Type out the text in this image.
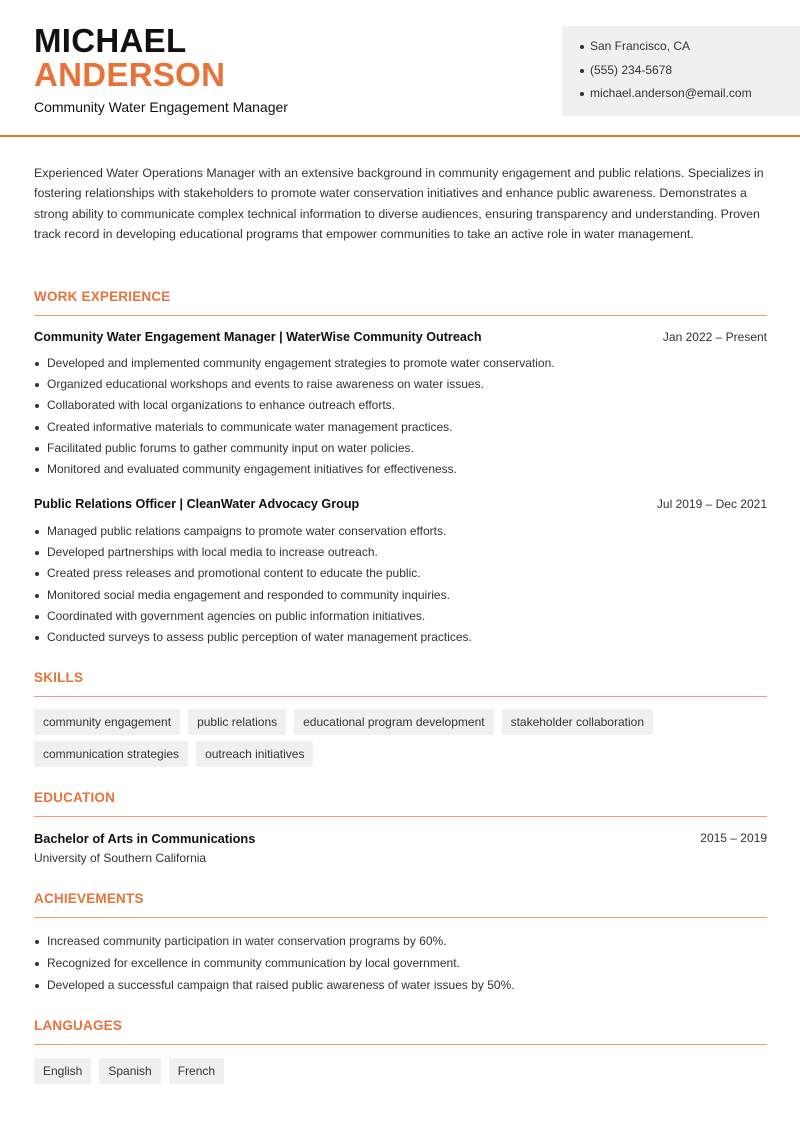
MICHAEL
ANDERSON
Community Water Engagement Manager
San Francisco, CA
(555) 234-5678
michael.anderson@email.com

Experienced Water Operations Manager with an extensive background in community engagement and public relations. Specializes in fostering relationships with stakeholders to promote water conservation initiatives and enhance public awareness. Demonstrates a strong ability to communicate complex technical information to diverse audiences, ensuring transparency and understanding. Proven track record in developing educational programs that empower communities to take an active role in water management.

WORK EXPERIENCE
Community Water Engagement Manager | WaterWise Community Outreach	Jan 2022 – Present
Developed and implemented community engagement strategies to promote water conservation.
Organized educational workshops and events to raise awareness on water issues.
Collaborated with local organizations to enhance outreach efforts.
Created informative materials to communicate water management practices.
Facilitated public forums to gather community input on water policies.
Monitored and evaluated community engagement initiatives for effectiveness.
Public Relations Officer | CleanWater Advocacy Group	Jul 2019 – Dec 2021
Managed public relations campaigns to promote water conservation efforts.
Developed partnerships with local media to increase outreach.
Created press releases and promotional content to educate the public.
Monitored social media engagement and responded to community inquiries.
Coordinated with government agencies on public information initiatives.
Conducted surveys to assess public perception of water management practices.
SKILLS
community engagement	public relations	educational program development	stakeholder collaboration
communication strategies	outreach initiatives
EDUCATION
Bachelor of Arts in Communications	2015 – 2019
University of Southern California
ACHIEVEMENTS
Increased community participation in water conservation programs by 60%.
Recognized for excellence in community communication by local government.
Developed a successful campaign that raised public awareness of water issues by 50%.
LANGUAGES
English	Spanish	French
